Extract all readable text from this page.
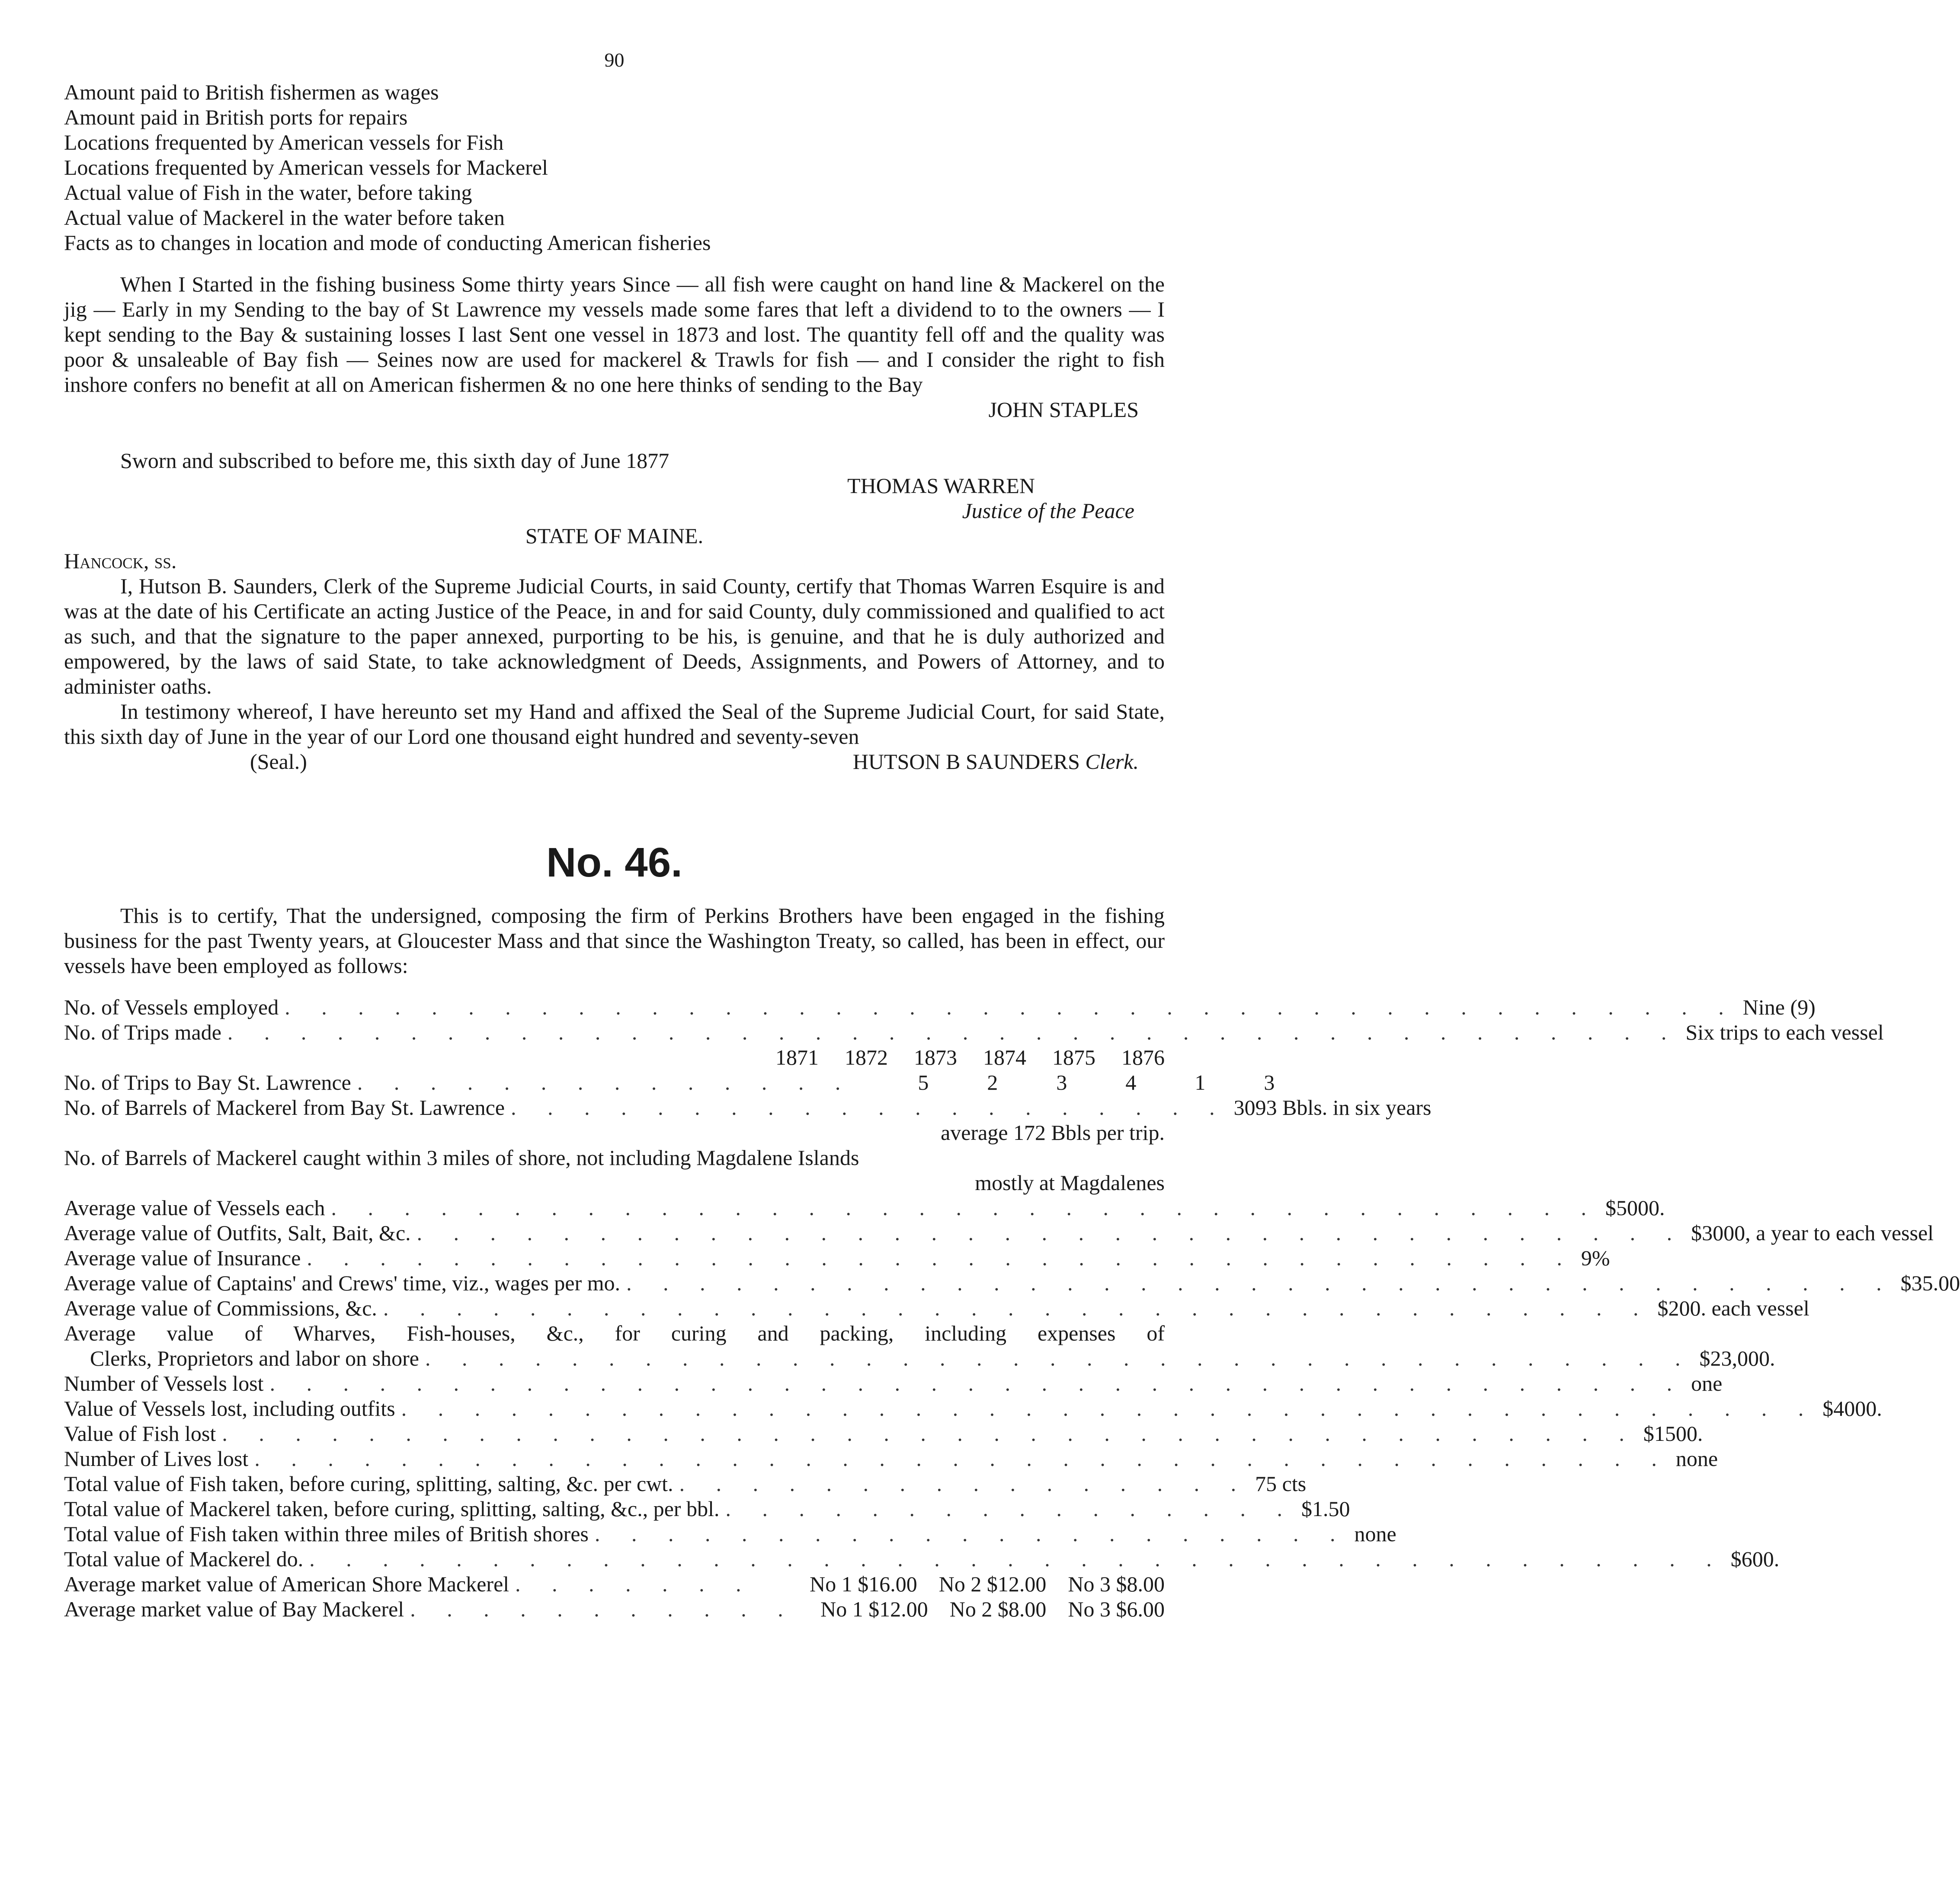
90
Amount paid to British fishermen as wages
Amount paid in British ports for repairs
Locations frequented by American vessels for Fish
Locations frequented by American vessels for Mackerel
Actual value of Fish in the water, before taking
Actual value of Mackerel in the water before taken
Facts as to changes in location and mode of conducting American fisheries

When I Started in the fishing business Some thirty years Since — all fish were caught on hand line & Mackerel on the jig — Early in my Sending to the bay of St Lawrence my vessels made some fares that left a dividend to to the owners — I kept sending to the Bay & sustaining losses I last Sent one vessel in 1873 and lost. The quantity fell off and the quality was poor & unsaleable of Bay fish — Seines now are used for mackerel & Trawls for fish — and I consider the right to fish inshore confers no benefit at all on American fishermen & no one here thinks of sending to the Bay

JOHN STAPLES

Sworn and subscribed to before me, this sixth day of June 1877

THOMAS WARREN
Justice of the Peace
STATE OF MAINE.
Hancock, ss.

I, Hutson B. Saunders, Clerk of the Supreme Judicial Courts, in said County, certify that Thomas Warren Esquire is and was at the date of his Certificate an acting Justice of the Peace, in and for said County, duly commissioned and qualified to act as such, and that the signature to the paper annexed, purporting to be his, is genuine, and that he is duly authorized and empowered, by the laws of said State, to take acknowledgment of Deeds, Assignments, and Powers of Attorney, and to administer oaths.

In testimony whereof, I have hereunto set my Hand and affixed the Seal of the Supreme Judicial Court, for said State, this sixth day of June in the year of our Lord one thousand eight hundred and seventy-seven

(Seal.)	HUTSON B SAUNDERS Clerk.
No. 46.

This is to certify, That the undersigned, composing the firm of Perkins Brothers have been engaged in the fishing business for the past Twenty years, at Gloucester Mass and that since the Washington Treaty, so called, has been in effect, our vessels have been employed as follows:

No. of Vessels employed . . . . . . . . . . . . . . . . . . . . . . . . . . . . . . . . . . . . . . . . Nine (9)
No. of Trips made . . . . . . . . . . . . . . . . . . . . . . . . . . . . . . . . . . . . . . . . Six trips to each vessel
1871	1872	1873	1874	1875	1876
No. of Trips to Bay St. Lawrence . . . . . . . . . . . . . .	5	2	3	4	1	3
No. of Barrels of Mackerel from Bay St. Lawrence . . . . . . . . . . . . . . . . . . . . 3093 Bbls. in six years
average 172 Bbls per trip.
No. of Barrels of Mackerel caught within 3 miles of shore, not including Magdalene Islands
mostly at Magdalenes
Average value of Vessels each . . . . . . . . . . . . . . . . . . . . . . . . . . . . . . . . . . . $5000.
Average value of Outfits, Salt, Bait, &c. . . . . . . . . . . . . . . . . . . . . . . . . . . . . . . . . . . . $3000, a year to each vessel
Average value of Insurance . . . . . . . . . . . . . . . . . . . . . . . . . . . . . . . . . . . 9%
Average value of Captains' and Crews' time, viz., wages per mo. . . . . . . . . . . . . . . . . . . . . . . . . . . . . . . . . . . . $35.00
Average value of Commissions, &c. . . . . . . . . . . . . . . . . . . . . . . . . . . . . . . . . . . . $200. each vessel
Average value of Wharves, Fish-houses, &c., for curing and packing, including expenses of
Clerks, Proprietors and labor on shore . . . . . . . . . . . . . . . . . . . . . . . . . . . . . . . . . . . $23,000.
Number of Vessels lost . . . . . . . . . . . . . . . . . . . . . . . . . . . . . . . . . . . . . . . one
Value of Vessels lost, including outfits . . . . . . . . . . . . . . . . . . . . . . . . . . . . . . . . . . . . . . . $4000.
Value of Fish lost . . . . . . . . . . . . . . . . . . . . . . . . . . . . . . . . . . . . . . . $1500.
Number of Lives lost . . . . . . . . . . . . . . . . . . . . . . . . . . . . . . . . . . . . . . . none
Total value of Fish taken, before curing, splitting, salting, &c. per cwt. . . . . . . . . . . . . . . . . 75 cts
Total value of Mackerel taken, before curing, splitting, salting, &c., per bbl. . . . . . . . . . . . . . . . . $1.50
Total value of Fish taken within three miles of British shores . . . . . . . . . . . . . . . . . . . . . none
Total value of Mackerel do. . . . . . . . . . . . . . . . . . . . . . . . . . . . . . . . . . . . . . . . $600.
Average market value of American Shore Mackerel . . . . . . .	No 1 $16.00 No 2 $12.00 No 3 $8.00
Average market value of Bay Mackerel . . . . . . . . . . .	No 1 $12.00 No 2 $8.00 No 3 $6.00
